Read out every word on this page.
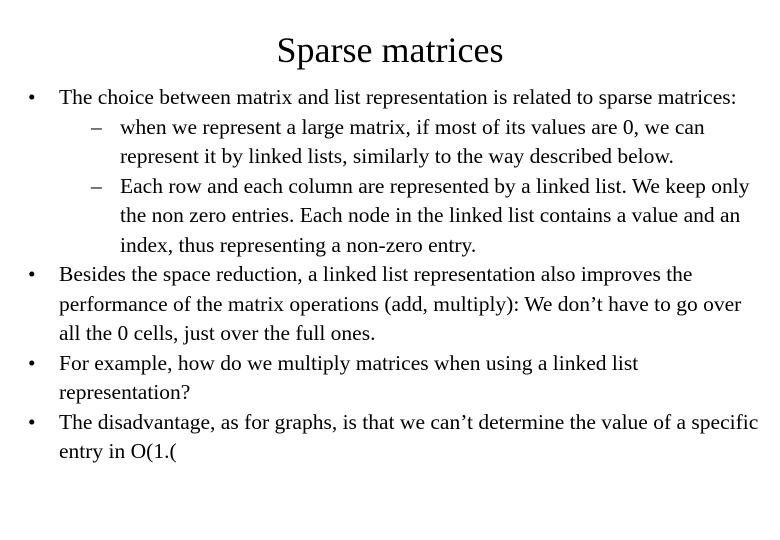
Sparse matrices
• The choice between matrix and list representation is related to sparse matrices:
– when we represent a large matrix, if most of its values are 0, we can represent it by linked lists, similarly to the way described below.
– Each row and each column are represented by a linked list. We keep only the non zero entries. Each node in the linked list contains a value and an index, thus representing a non-zero entry.
• Besides the space reduction, a linked list representation also improves the performance of the matrix operations (add, multiply): We don’t have to go over all the 0 cells, just over the full ones.
• For example, how do we multiply matrices when using a linked list representation?
• The disadvantage, as for graphs, is that we can’t determine the value of a specific entry in O(1.(
